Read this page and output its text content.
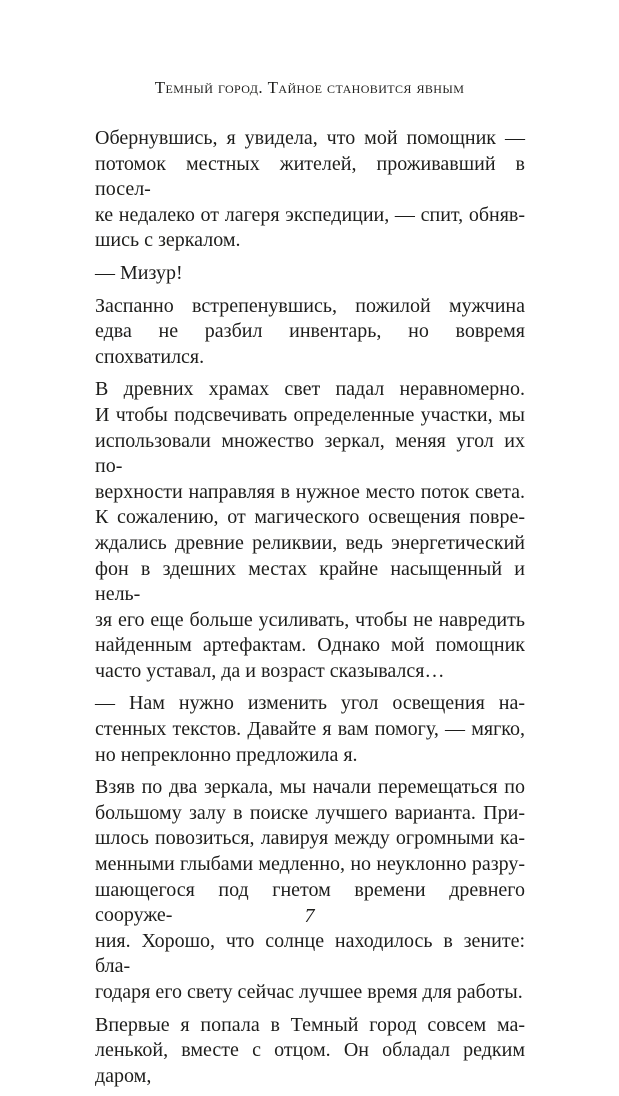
Темный город. Тайное становится явным

Обернувшись, я увидела, что мой помощник —
потомок местных жителей, проживавший в посел-
ке недалеко от лагеря экспедиции, — спит, обняв-
шись с зеркалом.

— Мизур!

Заспанно встрепенувшись, пожилой мужчина
едва не разбил инвентарь, но вовремя спохватился.

В древних храмах свет падал неравномерно.
И чтобы подсвечивать определенные участки, мы
использовали множество зеркал, меняя угол их по-
верхности направляя в нужное место поток света.
К сожалению, от магического освещения повре-
ждались древние реликвии, ведь энергетический
фон в здешних местах крайне насыщенный и нель-
зя его еще больше усиливать, чтобы не навредить
найденным артефактам. Однако мой помощник
часто уставал, да и возраст сказывался…

— Нам нужно изменить угол освещения на-
стенных текстов. Давайте я вам помогу, — мягко,
но непреклонно предложила я.

Взяв по два зеркала, мы начали перемещаться по
большому залу в поиске лучшего варианта. При-
шлось повозиться, лавируя между огромными ка-
менными глыбами медленно, но неуклонно разру-
шающегося под гнетом времени древнего сооруже-
ния. Хорошо, что солнце находилось в зените: бла-
годаря его свету сейчас лучшее время для работы.

Впервые я попала в Темный город совсем ма-
ленькой, вместе с отцом. Он обладал редким даром,

7
